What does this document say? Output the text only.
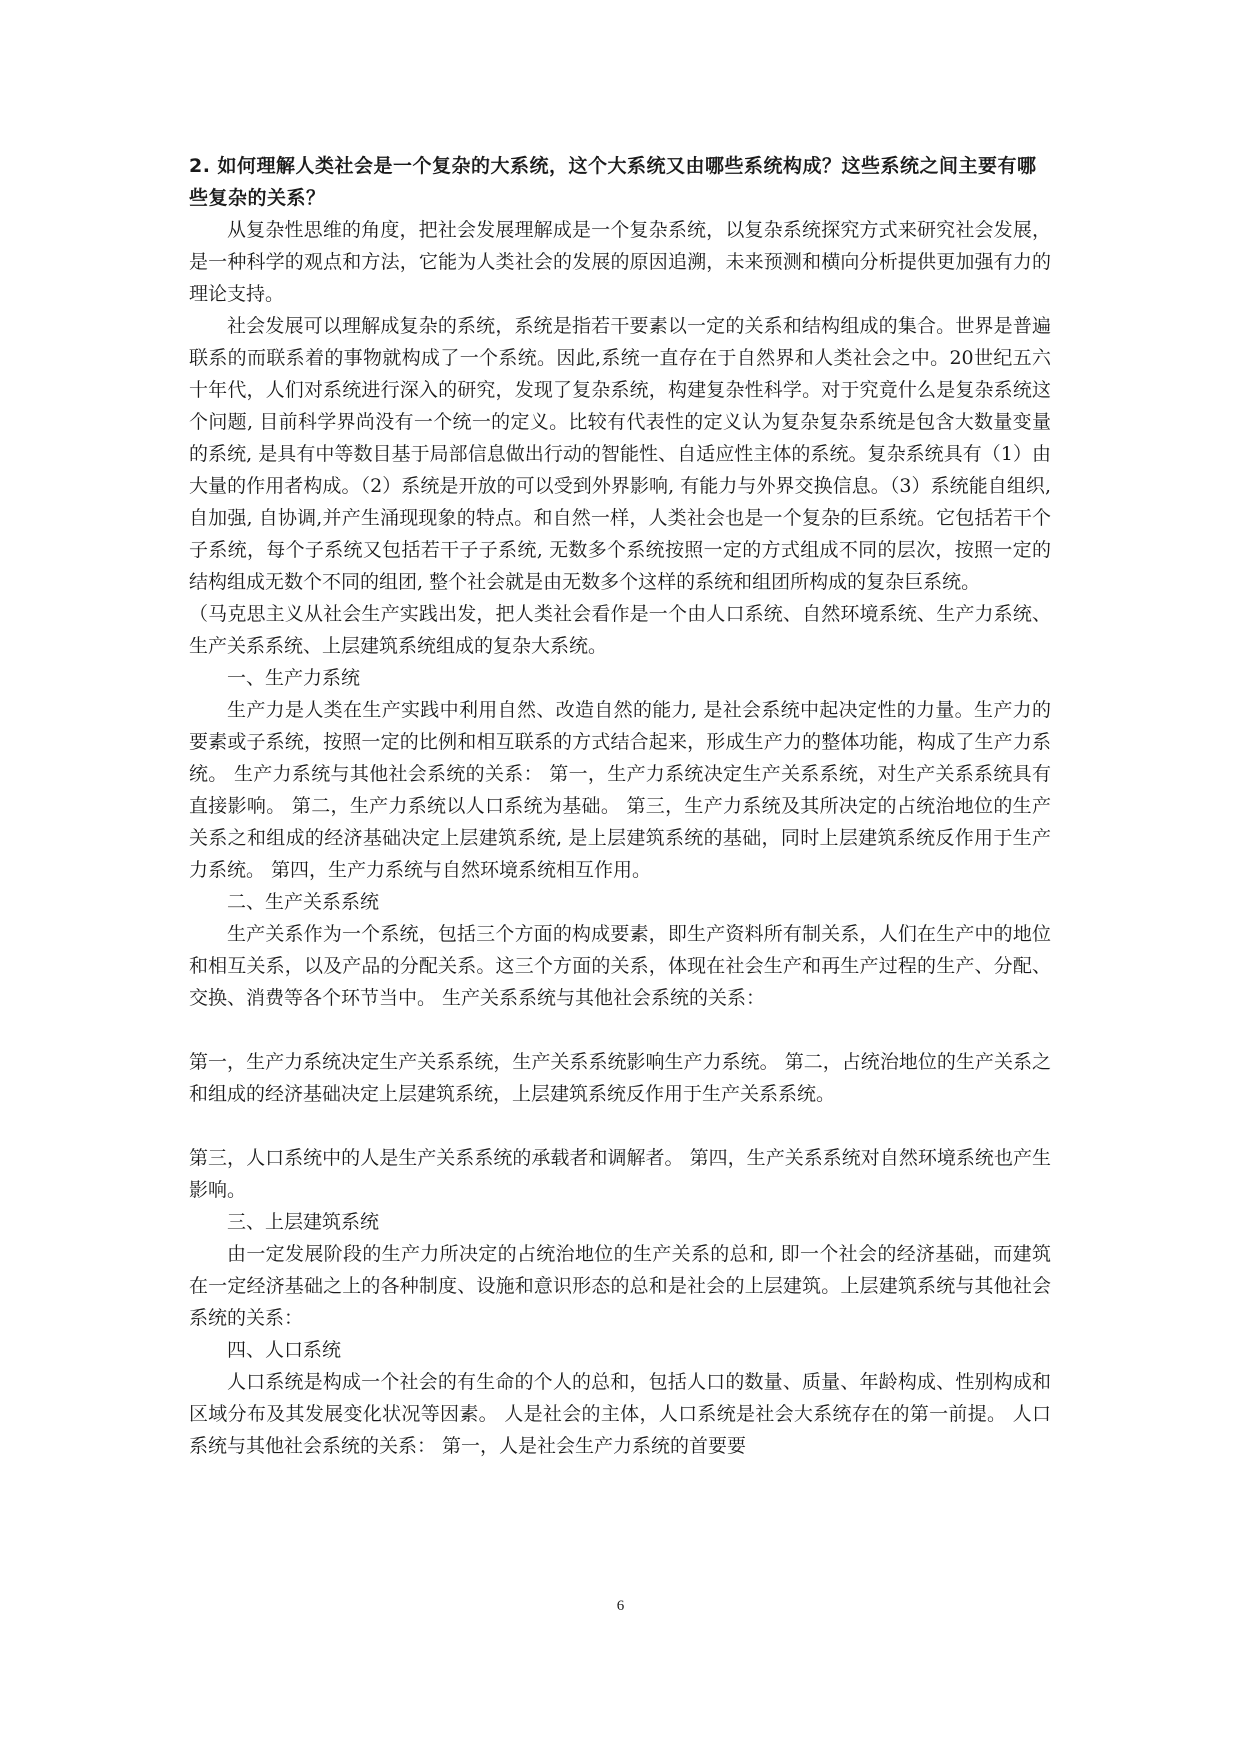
2. 如何理解人类社会是一个复杂的大系统，这个大系统又由哪些系统构成？这些系统之间主要有哪些复杂的关系？

从复杂性思维的角度，把社会发展理解成是一个复杂系统，以复杂系统探究方式来研究社会发展，是一种科学的观点和方法，它能为人类社会的发展的原因追溯，未来预测和横向分析提供更加强有力的理论支持。

社会发展可以理解成复杂的系统，系统是指若干要素以一定的关系和结构组成的集合。世界是普遍联系的而联系着的事物就构成了一个系统。因此,系统一直存在于自然界和人类社会之中。20世纪五六十年代，人们对系统进行深入的研究，发现了复杂系统，构建复杂性科学。对于究竟什么是复杂系统这个问题, 目前科学界尚没有一个统一的定义。比较有代表性的定义认为复杂复杂系统是包含大数量变量的系统, 是具有中等数目基于局部信息做出行动的智能性、自适应性主体的系统。复杂系统具有（1）由大量的作用者构成。（2）系统是开放的可以受到外界影响, 有能力与外界交换信息。（3）系统能自组织, 自加强, 自协调,并产生涌现现象的特点。和自然一样，人类社会也是一个复杂的巨系统。它包括若干个子系统，每个子系统又包括若干子子系统, 无数多个系统按照一定的方式组成不同的层次，按照一定的结构组成无数个不同的组团, 整个社会就是由无数多个这样的系统和组团所构成的复杂巨系统。

（马克思主义从社会生产实践出发，把人类社会看作是一个由人口系统、自然环境系统、生产力系统、生产关系系统、上层建筑系统组成的复杂大系统。

一、生产力系统

生产力是人类在生产实践中利用自然、改造自然的能力, 是社会系统中起决定性的力量。生产力的要素或子系统，按照一定的比例和相互联系的方式结合起来，形成生产力的整体功能，构成了生产力系统。 生产力系统与其他社会系统的关系： 第一，生产力系统决定生产关系系统，对生产关系系统具有直接影响。 第二，生产力系统以人口系统为基础。 第三，生产力系统及其所决定的占统治地位的生产关系之和组成的经济基础决定上层建筑系统, 是上层建筑系统的基础，同时上层建筑系统反作用于生产力系统。 第四，生产力系统与自然环境系统相互作用。

二、生产关系系统

生产关系作为一个系统，包括三个方面的构成要素，即生产资料所有制关系，人们在生产中的地位和相互关系，以及产品的分配关系。这三个方面的关系，体现在社会生产和再生产过程的生产、分配、交换、消费等各个环节当中。 生产关系系统与其他社会系统的关系：

第一，生产力系统决定生产关系系统，生产关系系统影响生产力系统。 第二，占统治地位的生产关系之和组成的经济基础决定上层建筑系统，上层建筑系统反作用于生产关系系统。

第三，人口系统中的人是生产关系系统的承载者和调解者。 第四，生产关系系统对自然环境系统也产生影响。

三、上层建筑系统

由一定发展阶段的生产力所决定的占统治地位的生产关系的总和, 即一个社会的经济基础，而建筑在一定经济基础之上的各种制度、设施和意识形态的总和是社会的上层建筑。上层建筑系统与其他社会系统的关系：

四、人口系统

人口系统是构成一个社会的有生命的个人的总和，包括人口的数量、质量、年龄构成、性别构成和区域分布及其发展变化状况等因素。 人是社会的主体，人口系统是社会大系统存在的第一前提。 人口系统与其他社会系统的关系： 第一，人是社会生产力系统的首要要

6
